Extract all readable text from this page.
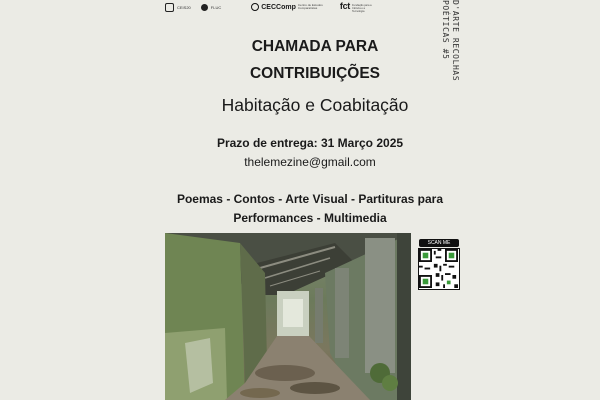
CEIS20	FLUC	CECComp Centro de Estudos Comparatistas	fct Fundação para a Ciência e a Tecnologia	D'ARTE RECOLHAS
POÉTICAS #5
CHAMADA PARA
CONTRIBUIÇÕES
Habitação e Coabitação
Prazo de entrega: 31 Março 2025
thelemezine@gmail.com
Poemas - Contos - Arte Visual - Partituras para
Performances - Multimedia
SCAN ME
